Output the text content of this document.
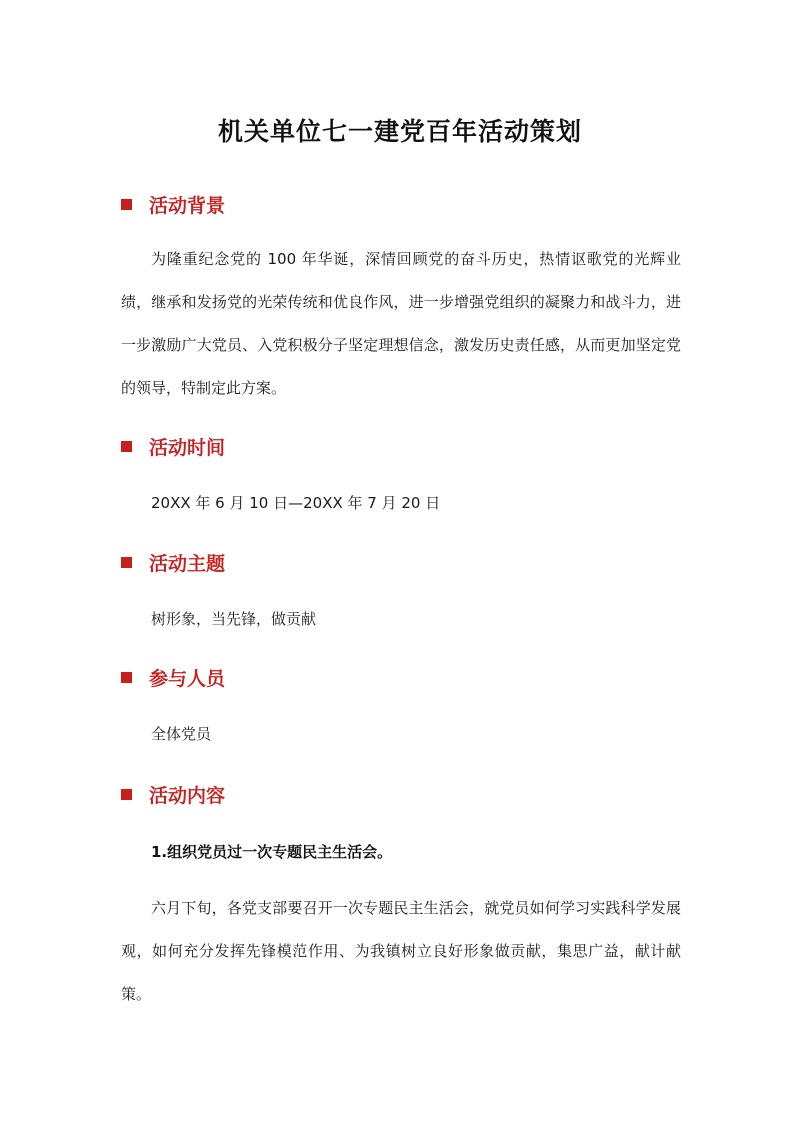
机关单位七一建党百年活动策划
活动背景

为隆重纪念党的 100 年华诞，深情回顾党的奋斗历史，热情讴歌党的光辉业绩，继承和发扬党的光荣传统和优良作风，进一步增强党组织的凝聚力和战斗力，进一步激励广大党员、入党积极分子坚定理想信念，激发历史责任感，从而更加坚定党的领导，特制定此方案。

活动时间

20XX 年 6 月 10 日—20XX 年 7 月 20 日

活动主题

树形象，当先锋，做贡献

参与人员

全体党员

活动内容

1.组织党员过一次专题民主生活会。

六月下旬，各党支部要召开一次专题民主生活会，就党员如何学习实践科学发展观，如何充分发挥先锋模范作用、为我镇树立良好形象做贡献，集思广益，献计献策。
